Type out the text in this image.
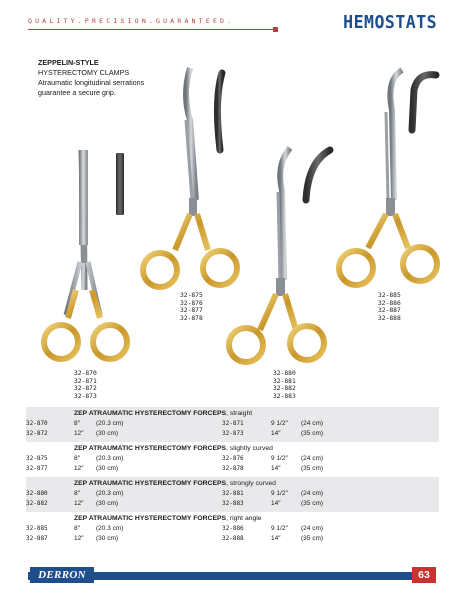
QUALITY.PRECISION.GUARANTEED.	HEMOSTATS
ZEPPELIN-STYLE
HYSTERECTOMY CLAMPS
Atraumatic longitudinal serrations
guarantee a secure grip.
32-870
32-871
32-872
32-873
32-875
32-876
32-877
32-878
32-880
32-881
32-882
32-883
32-885
32-886
32-887
32-888
ZEP ATRAUMATIC HYSTERECTOMY FORCEPS, straight
32-870	8″ (20.3 cm)	32-871	9 1/2″ (24 cm)
32-872	12″ (30 cm)	32-873	14″	(35 cm)
ZEP ATRAUMATIC HYSTERECTOMY FORCEPS, slightly curved
32-875	8″ (20.3 cm)	32-876	9 1/2″ (24 cm)
32-877	12″ (30 cm)	32-878	14″	(35 cm)
ZEP ATRAUMATIC HYSTERECTOMY FORCEPS, strongly curved
32-880	8″ (20.3 cm)	32-881	9 1/2″ (24 cm)
32-882	12″ (30 cm)	32-883	14″	(35 cm)
ZEP ATRAUMATIC HYSTERECTOMY FORCEPS, right angle
32-885	8″ (20.3 cm)	32-886	9 1/2″ (24 cm)
32-887	12″ (30 cm)	32-888	14″	(35 cm)
DERRON	63
